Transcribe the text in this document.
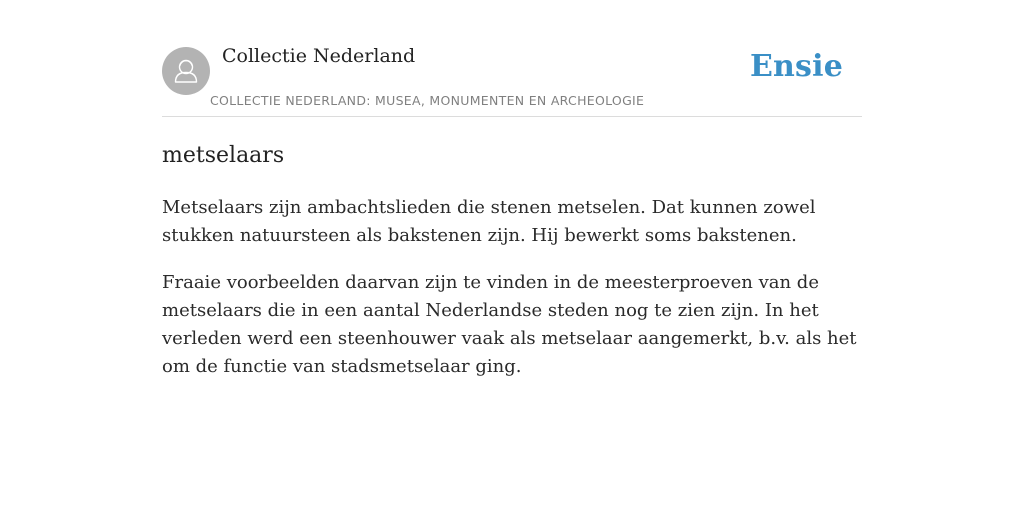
Collectie Nederland
COLLECTIE NEDERLAND: MUSEA, MONUMENTEN EN ARCHEOLOGIE
Ensie
metselaars

Metselaars zijn ambachtslieden die stenen metselen. Dat kunnen zowel stukken natuursteen als bakstenen zijn. Hij bewerkt soms bakstenen.

Fraaie voorbeelden daarvan zijn te vinden in de meesterproeven van de metselaars die in een aantal Nederlandse steden nog te zien zijn. In het verleden werd een steenhouwer vaak als metselaar aangemerkt, b.v. als het om de functie van stadsmetselaar ging.
